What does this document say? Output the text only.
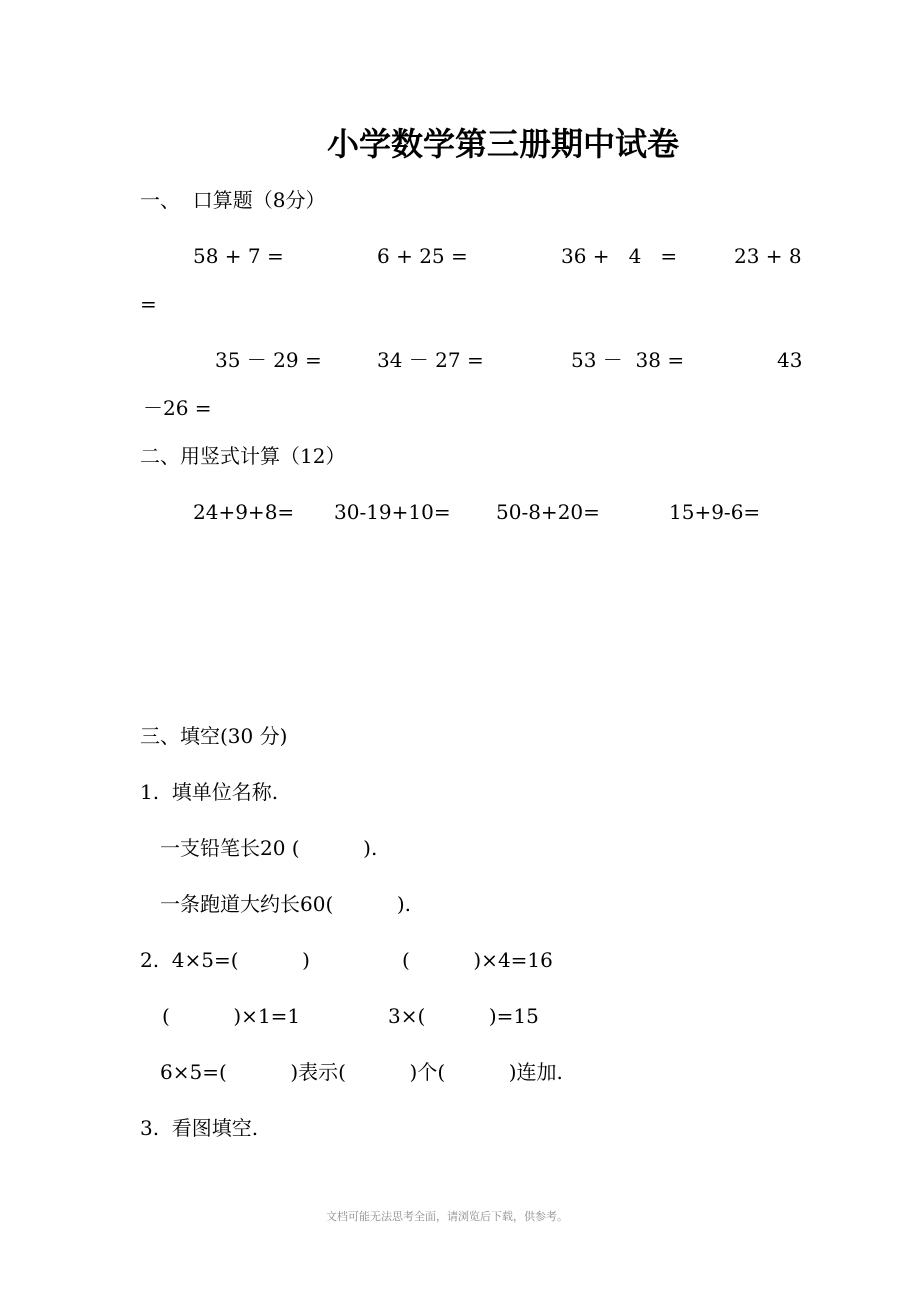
小学数学第三册期中试卷
一、  口算题（8分）
58 + 7 =	6 + 25 =	36 +   4   =	23 + 8
=
35 － 29 =	34 － 27 =	53 －  38 =	43
－26 =
二、用竖式计算（12）
24+9+8= 30-19+10= 50-8+20=	15+9-6=
三、填空(30 分)
1.  填单位名称.
一支铅笔长20 (          ).
一条跑道大约长60(          ).
2.  4×5=(          )	(          )×4=16
(          )×1=1	3×(          )=15
6×5=(          )表示(          )个(          )连加.
3.  看图填空.
文档可能无法思考全面，请浏览后下载，供参考。
